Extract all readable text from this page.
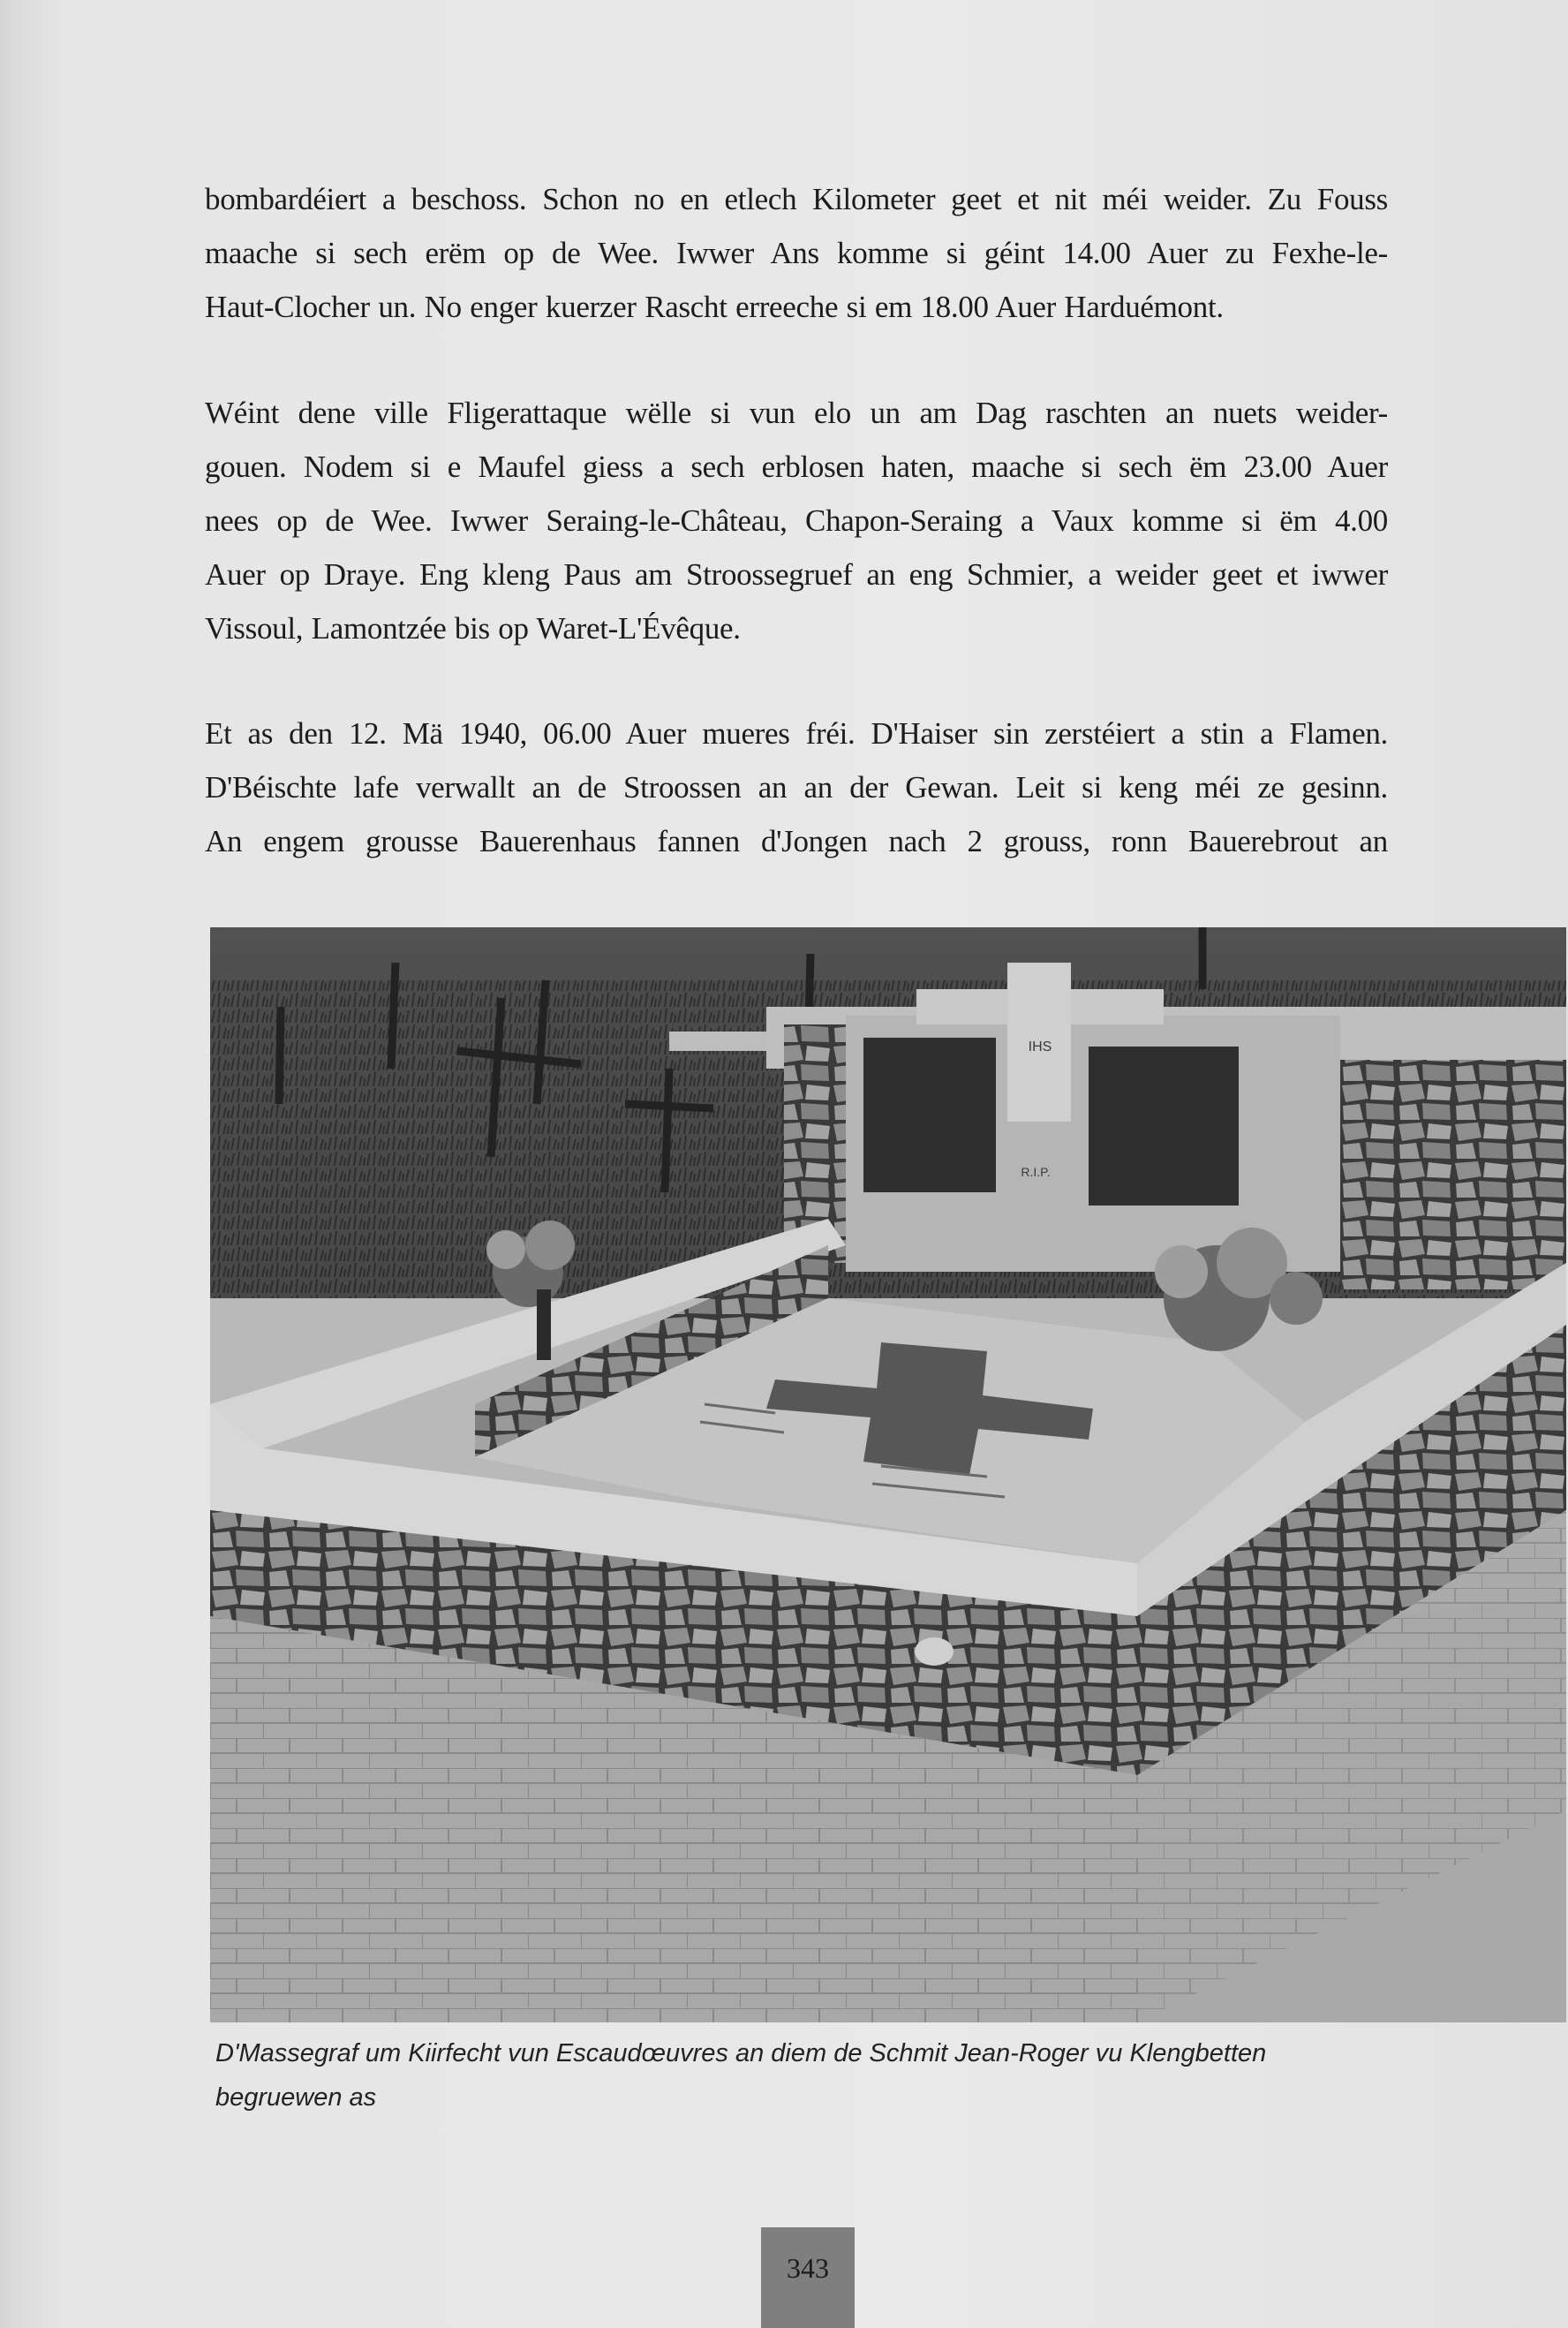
bombardéiert a beschoss. Schon no en etlech Kilometer geet et nit méi weider. Zu Fouss
maache si sech erëm op de Wee. Iwwer Ans komme si géint 14.00 Auer zu Fexhe-le-
Haut-Clocher un. No enger kuerzer Rascht erreeche si em 18.00 Auer Harduémont.
Wéint dene ville Fligerattaque wëlle si vun elo un am Dag raschten an nuets weider-
gouen. Nodem si e Maufel giess a sech erblosen haten, maache si sech ëm 23.00 Auer
nees op de Wee. Iwwer Seraing-le-Château, Chapon-Seraing a Vaux komme si ëm 4.00
Auer op Draye. Eng kleng Paus am Stroossegruef an eng Schmier, a weider geet et iwwer
Vissoul, Lamontzée bis op Waret-L'Évêque.
Et as den 12. Mä 1940, 06.00 Auer mueres fréi. D'Haiser sin zerstéiert a stin a Flamen.
D'Béischte lafe verwallt an de Stroossen an an der Gewan. Leit si keng méi ze gesinn.
An engem grousse Bauerenhaus fannen d'Jongen nach 2 grouss, ronn Bauerebrout an
IHS
R.I.P.
D'Massegraf um Kiirfecht vun Escaudœuvres an diem de Schmit Jean-Roger vu Klengbetten
begruewen as
343
